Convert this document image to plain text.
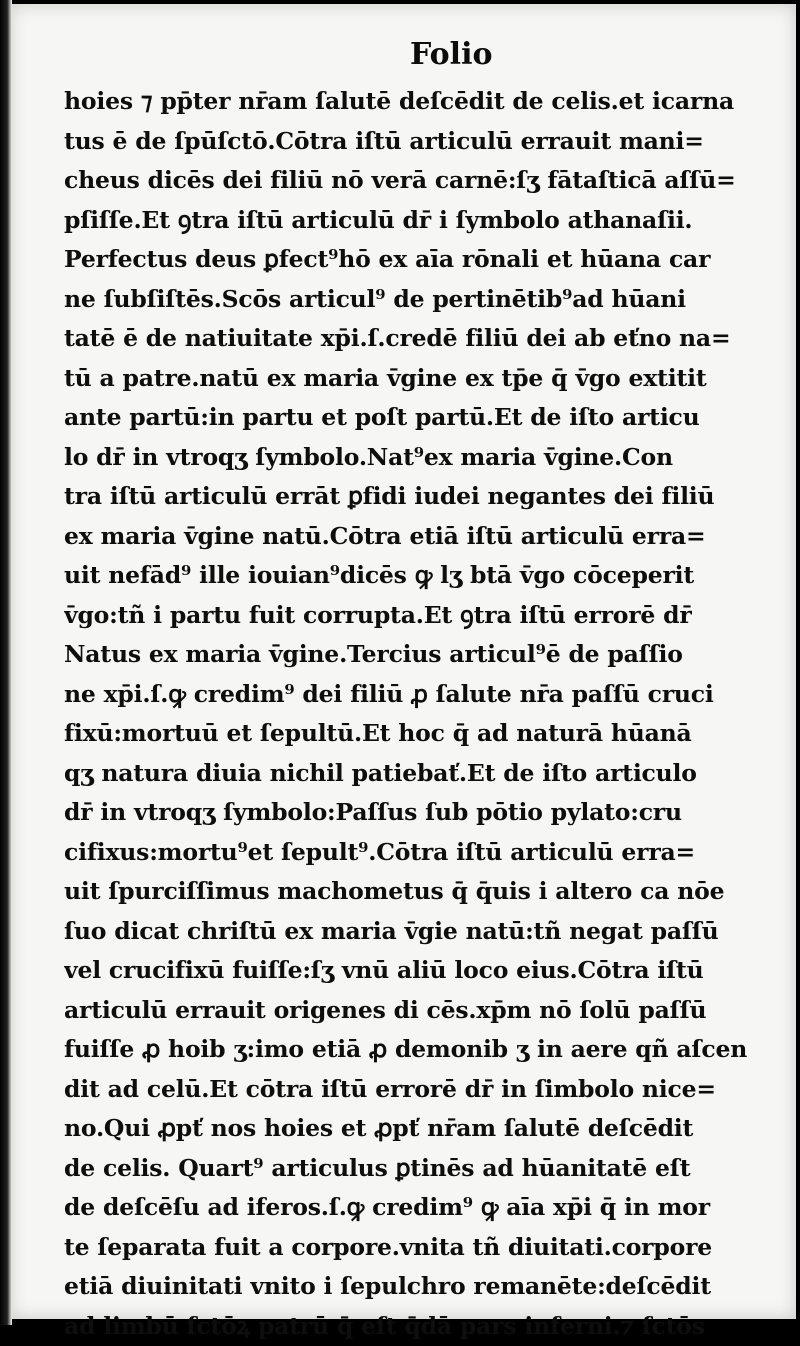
Folio
hoies ⁊ pp̄ter nr̄am ſalutē deſcēdit de celis.et icarna
tus ē de ſpūſctō.Cōtra iſtū articulū errauit mani=
cheus dicēs dei filiū nō verā carnē:ſʒ fātaſticā aſſū=
pſiſſe.Et ꝯtra iſtū articulū dr̄ i ſymbolo athanaſii.
Perfectus deus ꝑfect⁹hō ex aīa rōnali et hūana car
ne ſubſiſtēs.Scōs articul⁹ de pertinētib⁹ad hūani
tatē ē de natiuitate xp̄i.ſ.credē filiū dei ab eťno na=
tū a patre.natū ex maria v̄gine ex tp̄e q̄ v̄go extitit
ante partū:in partu et poſt partū.Et de iſto articu
lo dr̄ in vtroqʒ ſymbolo.Nat⁹ex maria v̄gine.Con
tra iſtū articulū errāt ꝑfidi iudei negantes dei filiū
ex maria v̄gine natū.Cōtra etiā iſtū articulū erra=
uit nefād⁹ ille iouian⁹dicēs ꝙ lʒ btā v̄go cōceperit
v̄go:tñ i partu fuit corrupta.Et ꝯtra iſtū errorē dr̄
Natus ex maria v̄gine.Tercius articul⁹ē de paſſio
ne xp̄i.ſ.ꝙ credim⁹ dei filiū ꝓ ſalute nr̄a paſſū cruci
fixū:mortuū et ſepultū.Et hoc q̄ ad naturā hūanā
qʒ natura diuia nichil patiebať.Et de iſto articulo
dr̄ in vtroqʒ ſymbolo:Paſſus ſub pōtio pylato:cru
cifixus:mortu⁹et ſepult⁹.Cōtra iſtū articulū erra=
uit ſpurciſſimus machometus q̄ q̄uis i altero ca nōe
ſuo dicat chriſtū ex maria v̄gie natū:tñ negat paſſū
vel crucifixū fuiſſe:ſʒ vnū aliū loco eius.Cōtra iſtū
articulū errauit origenes di cēs.xp̄m nō ſolū paſſū
fuiſſe ꝓ hoib ʒ:imo etiā ꝓ demonib ʒ in aere qñ aſcen
dit ad celū.Et cōtra iſtū errorē dr̄ in ſimbolo nice=
no.Qui ꝓpť nos hoies et ꝓpť nr̄am ſalutē deſcēdit
de celis. Quart⁹ articulus ꝑtinēs ad hūanitatē eſt
de deſcēſu ad iferos.ſ.ꝙ credim⁹ ꝙ aīa xp̄i q̄ in mor
te ſeparata fuit a corpore.vnita tñ diuitati.corpore
etiā diuinitati vnito i ſepulchro remanēte:deſcēdit
ad limbū ſctōꝝ patrū q̄ eſt q̄dā pars inferni.⁊ ſctōs
